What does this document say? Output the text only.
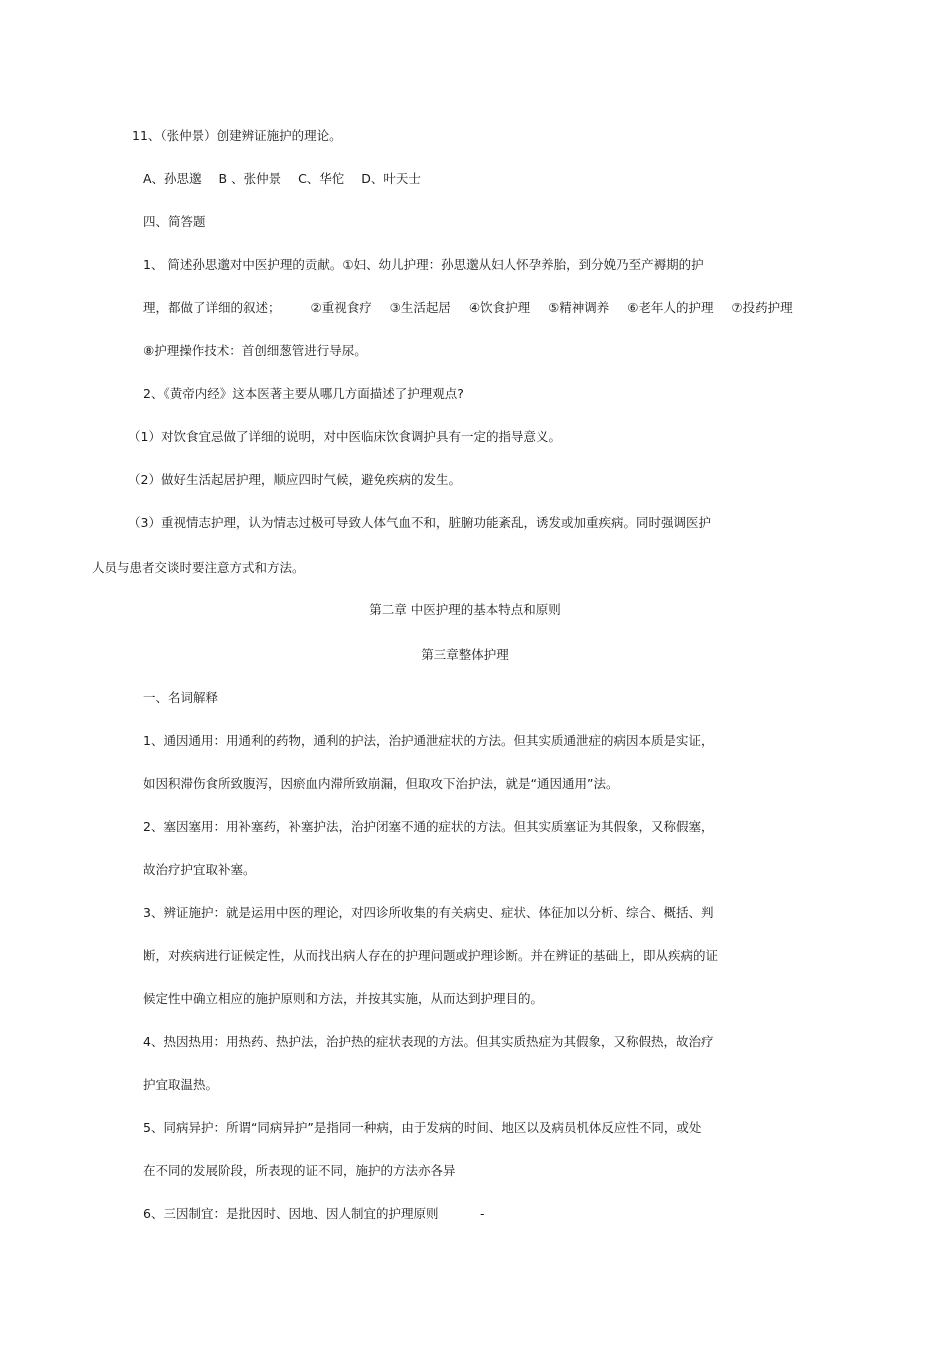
11、（张仲景）创建辨证施护的理论。
A、孙思邈 B 、张仲景 C、华佗 D、叶天士
四、简答题
1、 简述孙思邈对中医护理的贡献。①妇、幼儿护理：孙思邈从妇人怀孕养胎，到分娩乃至产褥期的护
理，都做了详细的叙述； ②重视食疗 ③生活起居 ④饮食护理 ⑤精神调养 ⑥老年人的护理 ⑦投药护理
⑧护理操作技术：首创细葱管进行导尿。
2、《黄帝内经》这本医著主要从哪几方面描述了护理观点?
（1）对饮食宜忌做了详细的说明，对中医临床饮食调护具有一定的指导意义。
（2）做好生活起居护理，顺应四时气候，避免疾病的发生。
（3）重视情志护理，认为情志过极可导致人体气血不和，脏腑功能紊乱，诱发或加重疾病。同时强调医护
人员与患者交谈时要注意方式和方法。
第二章 中医护理的基本特点和原则
第三章整体护理
一、名词解释
1、通因通用：用通利的药物，通利的护法，治护通泄症状的方法。但其实质通泄症的病因本质是实证，
如因积滞伤食所致腹泻，因瘀血内滞所致崩漏，但取攻下治护法，就是“通因通用”法。
2、塞因塞用：用补塞药，补塞护法，治护闭塞不通的症状的方法。但其实质塞证为其假象，又称假塞，
故治疗护宜取补塞。
3、辨证施护：就是运用中医的理论，对四诊所收集的有关病史、症状、体征加以分析、综合、概括、判
断，对疾病进行证候定性，从而找出病人存在的护理问题或护理诊断。并在辨证的基础上，即从疾病的证
候定性中确立相应的施护原则和方法，并按其实施，从而达到护理目的。
4、热因热用：用热药、热护法，治护热的症状表现的方法。但其实质热症为其假象，又称假热，故治疗
护宜取温热。
5、同病异护：所谓“同病异护”是指同一种病，由于发病的时间、地区以及病员机体反应性不同，或处
在不同的发展阶段，所表现的证不同，施护的方法亦各异
6、三因制宜：是批因时、因地、因人制宜的护理原则	-
